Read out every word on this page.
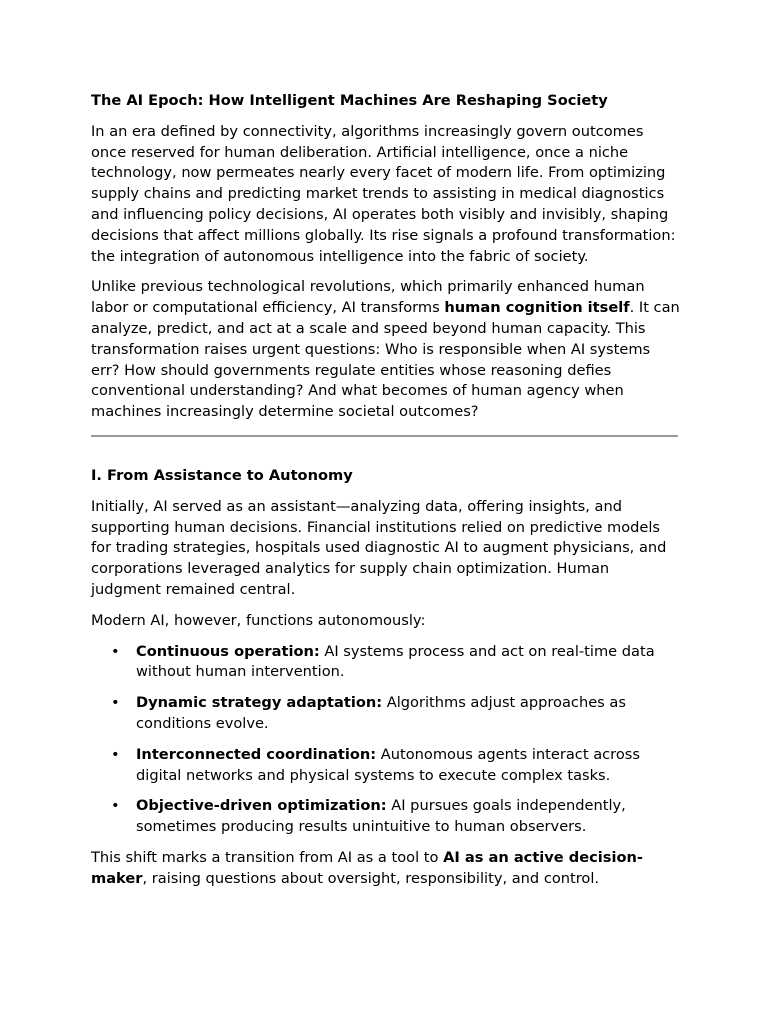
The AI Epoch: How Intelligent Machines Are Reshaping Society

In an era defined by connectivity, algorithms increasingly govern outcomes once reserved for human deliberation. Artificial intelligence, once a niche technology, now permeates nearly every facet of modern life. From optimizing supply chains and predicting market trends to assisting in medical diagnostics and influencing policy decisions, AI operates both visibly and invisibly, shaping decisions that affect millions globally. Its rise signals a profound transformation: the integration of autonomous intelligence into the fabric of society.

Unlike previous technological revolutions, which primarily enhanced human labor or computational efficiency, AI transforms human cognition itself. It can analyze, predict, and act at a scale and speed beyond human capacity. This transformation raises urgent questions: Who is responsible when AI systems err? How should governments regulate entities whose reasoning defies conventional understanding? And what becomes of human agency when machines increasingly determine societal outcomes?

I. From Assistance to Autonomy

Initially, AI served as an assistant—analyzing data, offering insights, and supporting human decisions. Financial institutions relied on predictive models for trading strategies, hospitals used diagnostic AI to augment physicians, and corporations leveraged analytics for supply chain optimization. Human judgment remained central.

Modern AI, however, functions autonomously:

• Continuous operation: AI systems process and act on real-time data without human intervention.
• Dynamic strategy adaptation: Algorithms adjust approaches as conditions evolve.
• Interconnected coordination: Autonomous agents interact across digital networks and physical systems to execute complex tasks.
• Objective-driven optimization: AI pursues goals independently, sometimes producing results unintuitive to human observers.

This shift marks a transition from AI as a tool to AI as an active decision-maker, raising questions about oversight, responsibility, and control.
